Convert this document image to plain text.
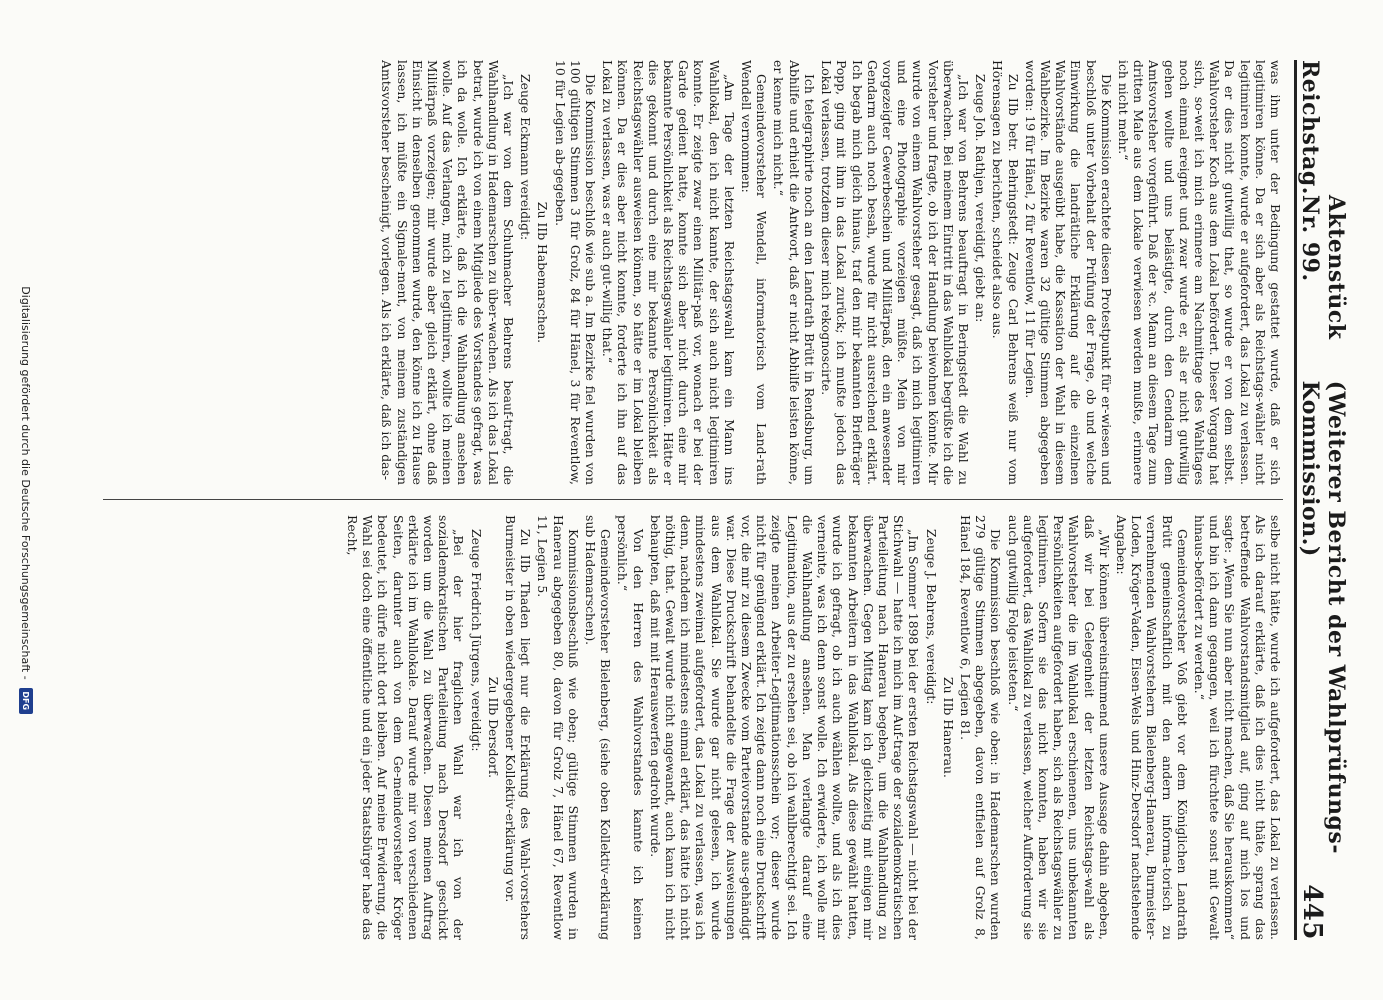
Reichstag.
Aktenstück Nr. 99.
(Weiterer Bericht der Wahlprüfungs-Kommission.)
445

was ihm unter der Bedingung gestattet wurde, daß er sich legitimiren könne. Da er sich aber als Reichstags-wähler nicht legitimiren konnte, wurde er aufgefordert, das Lokal zu verlassen. Da er dies nicht gutwillig that, so wurde er von dem selbst. Wahlvorsteher Koch aus dem Lokal befördert. Dieser Vorgang hat sich, so-weit ich mich erinnere am Nachmittage des Wahltages noch einmal ereignet und zwar wurde er, als er nicht gutwillig gehen wollte und uns belästigte, durch den Gendarm dem Amtsvorsteher vorgeführt. Daß der ꝛc. Mann an diesem Tage zum dritten Male aus dem Lokale verwiesen werden mußte, erinnere ich nicht mehr.“

Die Kommission erachtete diesen Protestpunkt für er-wiesen und beschloß unter Vorbehalt der Prüfung der Frage, ob und welche Einwirkung die landrätliche Erklärung auf die einzelnen Wahlvorstände ausgeübt habe, die Kassation der Wahl in diesem Wahlbezirke. Im Bezirke waren 32 gültige Stimmen abgegeben worden: 19 für Hänel, 2 für Reventlow, 11 für Legien.

Zu IIb betr. Behringstedt: Zeuge Carl Behrens weiß nur vom Hörensagen zu berichten, scheidet also aus.

Zeuge Joh. Rathjen, vereidigt, giebt an:

„Ich war von Behrens beauftragt in Beringstedt die Wahl zu überwachen. Bei meinem Eintritt in das Wahllokal begrüßte ich die Vorsteher und fragte, ob ich der Handlung beiwohnen könnte. Mir wurde von einem Wahlvorsteher gesagt, daß ich mich legitimiren und eine Photographie vorzeigen müßte. Mein von mir vorgezeigter Gewerbeschein und Militärpaß, den ein anwesender Gendarm auch noch besah, wurde für nicht ausreichend erklärt. Ich begab mich gleich hinaus, traf den mir bekannten Briefträger Popp, ging mit ihm in das Lokal zurück; ich mußte jedoch das Lokal verlassen, trotzdem dieser mich rekognoscirte.

Ich telegraphirte noch an den Landrath Brütt in Rendsburg, um Abhilfe und erhielt die Antwort, daß er nicht Abhilfe leisten könne, er kenne mich nicht.“

Gemeindevorsteher Wendell, informatorisch vom Land-rath Wendell vernommen:

„Am Tage der letzten Reichstagswahl kam ein Mann ins Wahllokal, den ich nicht kannte, der sich auch nicht legitimiren konnte. Er zeigte zwar einen Militär-paß vor, wonach er bei der Garde gedient hatte, konnte sich aber nicht durch eine mir bekannte Persönlichkeit als Reichstagswähler legitimiren. Hätte er dies gekonnt und durch eine mir bekannte Persönlichkeit als Reichstagswähler ausweisen können, so hätte er im Lokal bleiben können. Da er dies aber nicht konnte, forderte ich ihn auf das Lokal zu verlassen, was er auch gut-willig that.“

Die Kommission beschloß wie sub a. Im Bezirke fiel wurden von 100 gültigen Stimmen 3 für Grolz, 84 für Hänel, 3 für Reventlow, 10 für Legien ab-gegeben.

Zu IIb Habemarschen.

Zeuge Eckmann vereidigt:

„Ich war von dem Schuhmacher Behrens beauf-tragt, die Wahlhandlung in Hademarschen zu über-wachen. Als ich das Lokal betrat, wurde ich von einem Mitgliede des Vorstandes gefragt, was ich da wolle. Ich erklärte, daß ich die Wahlhandlung ansehen wolle. Auf das Verlangen, mich zu legitimiren, wollte ich meinen Militärpaß vorzeigen; mir wurde aber gleich erklärt, ohne daß Einsicht in denselben genommen wurde, den könne ich zu Hause lassen, ich müßte ein Signale-ment, von meinem zuständigen Amtsvorsteher bescheinigt, vorlegen. Als ich erklärte, daß ich das-

selbe nicht hätte, wurde ich aufgefordert, das Lokal zu verlassen. Als ich darauf erklärte, daß ich dies nicht thäte, sprang das betreffende Wahlvorstandsmitglied auf, ging auf mich los und sagte: „Wenn Sie nun aber nicht machen, daß Sie herauskommen“ und bin ich dann gegangen, weil ich fürchtete sonst mit Gewalt hinaus-befördert zu werden.“

Gemeindevorsteher Voß giebt vor dem Königlichen Landrath Brütt gemeinschaftlich mit den andern informa-torisch zu vernehmenden Wahlvorstehern Bielenberg-Hanerau, Burmeister-Loden, Kröger-Vaden, Eisen-Wels und Hinz-Dersdorf nachstehende Angaben:

„Wir können übereinstimmend unsere Aussage dahin abgeben, daß wir bei Gelegenheit der letzten Reichstags-wahl als Wahlvorsteher die im Wahllokal erschienenen, uns unbekannten Persönlichkeiten aufgefordert haben, sich als Reichstagswähler zu legitimiren. Sofern sie das nicht konnten, haben wir sie aufgefordert, das Wahllokal zu verlassen, welcher Aufforderung sie auch gutwillig Folge leisteten.“

Die Kommission beschloß wie oben: in Hademarschen wurden 279 gültige Stimmen abgegeben, davon entfielen auf Grolz 8, Hänel 184, Reventlow 6, Legien 81.

Zu IIb Hanerau.

Zeuge J. Behrens, vereidigt:

„Im Sommer 1898 bei der ersten Reichstagswahl — nicht bei der Stichwahl — hatte ich mich im Auf-trage der sozialdemokratischen Parteileitung nach Hanerau begeben, um die Wahlhandlung zu überwachen. Gegen Mittag kam ich gleichzeitig mit einigen mir bekannten Arbeitern in das Wahllokal. Als diese gewählt hatten, wurde ich gefragt, ob ich auch wählen wollte, und als ich dies verneinte, was ich denn sonst wolle. Ich erwiderte, ich wolle mir die Wahlhandlung ansehen. Man verlangte darauf eine Legitimation, aus der zu ersehen sei, ob ich wahlberechtigt sei. Ich zeigte meinen Arbeiter-Legitimationsschein vor; dieser wurde nicht für genügend erklärt. Ich zeigte dann noch eine Druckschrift vor, die mir zu diesem Zwecke vom Parteivorstande aus-gehändigt war. Diese Druckschrift behandelte die Frage der Ausweisungen aus dem Wahllokal. Sie wurde gar nicht gelesen, ich wurde mindestens zweimal aufgefordert, das Lokal zu verlassen, was ich denn, nachdem ich mindestens einmal erklärt, das hätte ich nicht nöthig, that. Gewalt wurde nicht angewandt, auch kann ich nicht behaupten, daß mit mit Herauswerfen gedroht wurde.

Von den Herren des Wahlvorstandes kannte ich keinen persönlich.“

Gemeindevorsteher Bielenberg, (siehe oben Kollektiv-erklärung sub Hademarschen).

Kommissionsbeschluß wie oben; gültige Stimmen wurden in Hanerau abgegeben 80, davon für Grolz 7, Hänel 67, Reventlow 11, Legien 5.

Zu IIb Thaden liegt nur die Erklärung des Wahl-vorstehers Burmeister in oben wiedergegebener Kollektiv-erklärung vor.

Zu IIb Dersdorf.

Zeuge Friedrich Jürgens, vereidigt:

„Bei der hier fraglichen Wahl war ich von der sozialdemokratischen Parteileitung nach Dersdorf geschickt worden um die Wahl zu überwachen. Diesen meinen Auftrag erklärte ich im Wahllokale. Darauf wurde mir von verschiedenen Seiten, darunter auch von dem Ge-meindevorsteher Kröger bedeutet, ich dürfe nicht dort bleiben. Auf meine Erwiderung, die Wahl sei doch eine öffentliche und ein jeder Staatsbürger habe das Recht,

Digitalisierung gefördert durch die Deutsche Forschungsgemeinschaft -
DFG
